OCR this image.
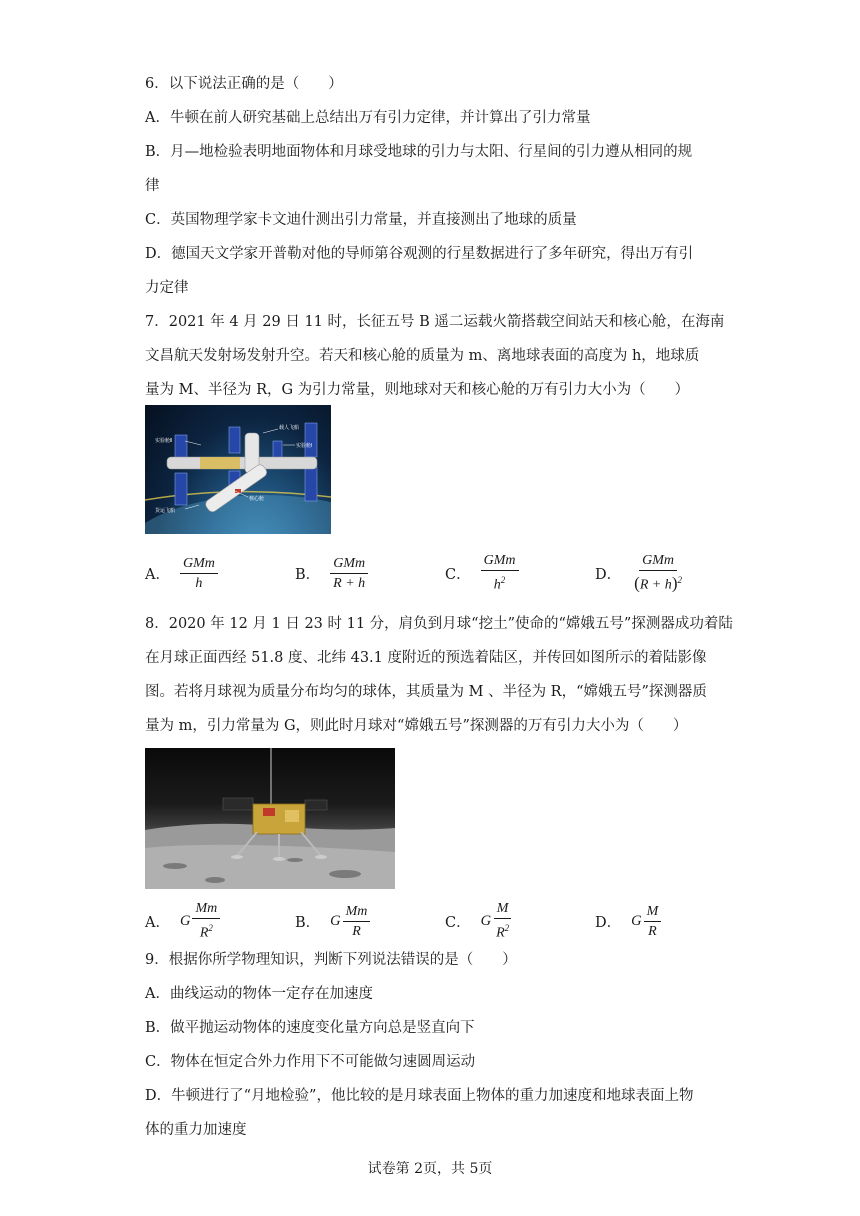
6．以下说法正确的是（　　）
A．牛顿在前人研究基础上总结出万有引力定律，并计算出了引力常量
B．月—地检验表明地面物体和月球受地球的引力与太阳、行星间的引力遵从相同的规
律
C．英国物理学家卡文迪什测出引力常量，并直接测出了地球的质量
D．德国天文学家开普勒对他的导师第谷观测的行星数据进行了多年研究，得出万有引
力定律
7．2021 年 4 月 29 日 11 时，长征五号 B 遥二运载火箭搭载空间站天和核心舱，在海南
文昌航天发射场发射升空。若天和核心舱的质量为 m、离地球表面的高度为 h，地球质
量为 M、半径为 R，G 为引力常量，则地球对天和核心舱的万有引力大小为（　　）
实验舱Ⅱ
载人飞船
实验舱Ⅰ
核心舱
货运飞船
A． $\frac{\text{GMm}}{h}$	B． $\frac{\text{GMm}}{R + h}$	C． $\frac{\text{GMm}}{h^2}$	D． $\frac{\text{GMm}}{(R + h)^2}$
8．2020 年 12 月 1 日 23 时 11 分，肩负到月球“挖土”使命的“嫦娥五号”探测器成功着陆
在月球正面西经 51.8 度、北纬 43.1 度附近的预选着陆区，并传回如图所示的着陆影像
图。若将月球视为质量分布均匀的球体，其质量为 M 、半径为 R，“嫦娥五号”探测器质
量为 m，引力常量为 G，则此时月球对“嫦娥五号”探测器的万有引力大小为（　　）
A． G $\frac{Mm}{R^2}$	B． G $\frac{Mm}{R}$	C． G $\frac{M}{R^2}$	D． G $\frac{M}{R}$
9．根据你所学物理知识，判断下列说法错误的是（　　）
A．曲线运动的物体一定存在加速度
B．做平抛运动物体的速度变化量方向总是竖直向下
C．物体在恒定合外力作用下不可能做匀速圆周运动
D．牛顿进行了“月地检验”，他比较的是月球表面上物体的重力加速度和地球表面上物
体的重力加速度
试卷第 2页，共 5页
